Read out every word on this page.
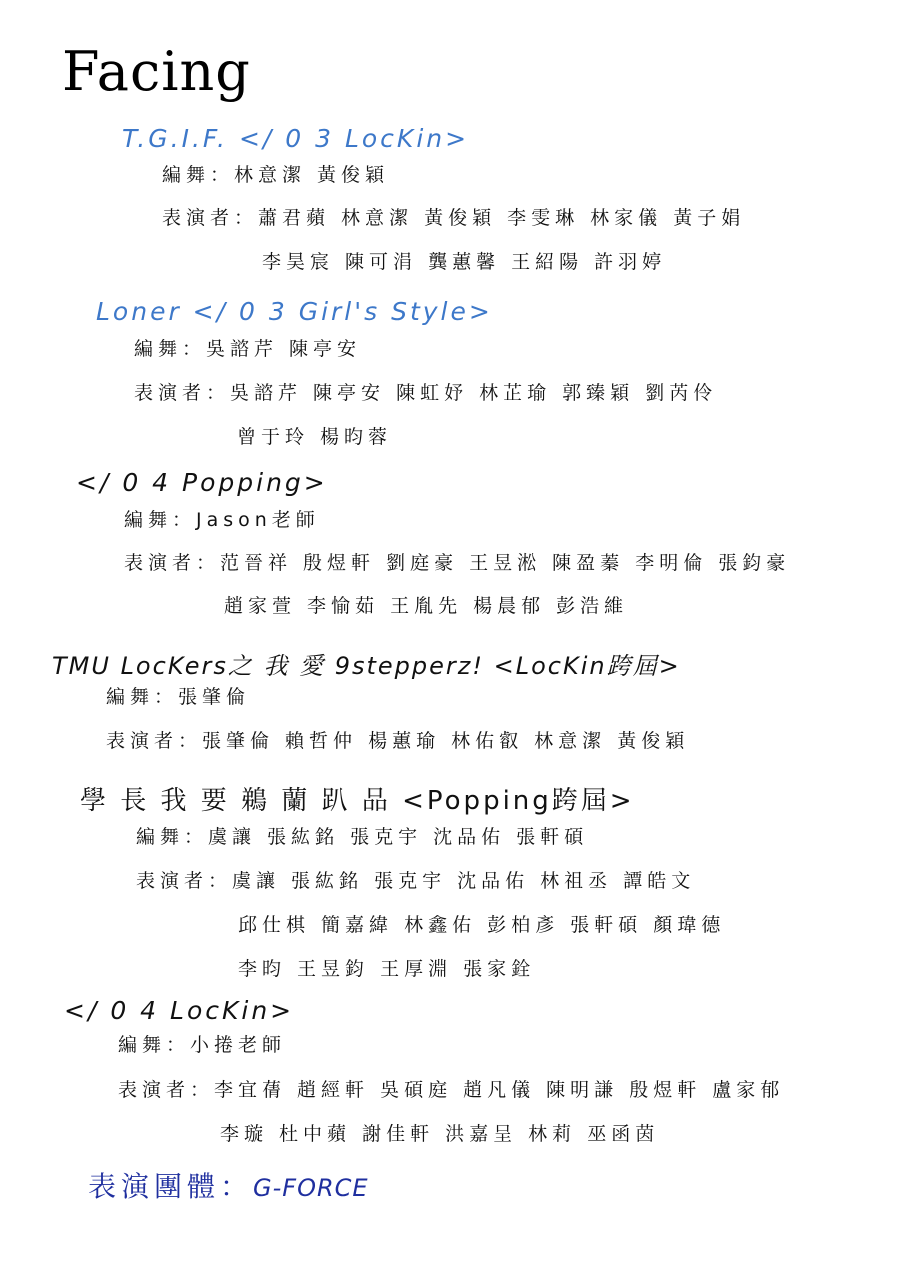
Facing
T.G.I.F. </ 0 3 LocKin>
編舞：林意潔 黃俊穎
表演者：蕭君蘋 林意潔 黃俊穎 李雯琳 林家儀 黃子娟
李昊宸 陳可涓 龔蕙馨 王紹陽 許羽婷
Loner </ 0 3 Girl's Style>
編舞：吳諮芹 陳亭安
表演者：吳諮芹 陳亭安 陳虹妤 林芷瑜 郭臻穎 劉芮伶
曾于玲 楊昀蓉
</ 0 4 Popping>
編舞：Jason老師
表演者：范晉祥 殷煜軒 劉庭豪 王昱淞 陳盈蓁 李明倫 張鈞豪
趙家萱 李愉茹 王胤先 楊晨郁 彭浩維
TMU LocKers之 我 愛 9stepperz! <LocKin跨屆>
編舞：張肇倫
表演者：張肇倫 賴哲仲 楊蕙瑜 林佑叡 林意潔 黃俊穎
學 長 我 要 鵜 蘭 趴 品 <Popping跨屆>
編舞：虞讓 張紘銘 張克宇 沈品佑 張軒碩
表演者：虞讓 張紘銘 張克宇 沈品佑 林祖丞 譚皓文
邱仕棋 簡嘉緯 林鑫佑 彭柏彥 張軒碩 顏瑋德
李昀 王昱鈞 王厚淵 張家銓
</ 0 4 LocKin>
編舞：小捲老師
表演者：李宜蒨 趙經軒 吳碩庭 趙凡儀 陳明謙 殷煜軒 盧家郁
李璇 杜中蘋 謝佳軒 洪嘉呈 林莉 巫函茵
表演團體：G-FORCE
